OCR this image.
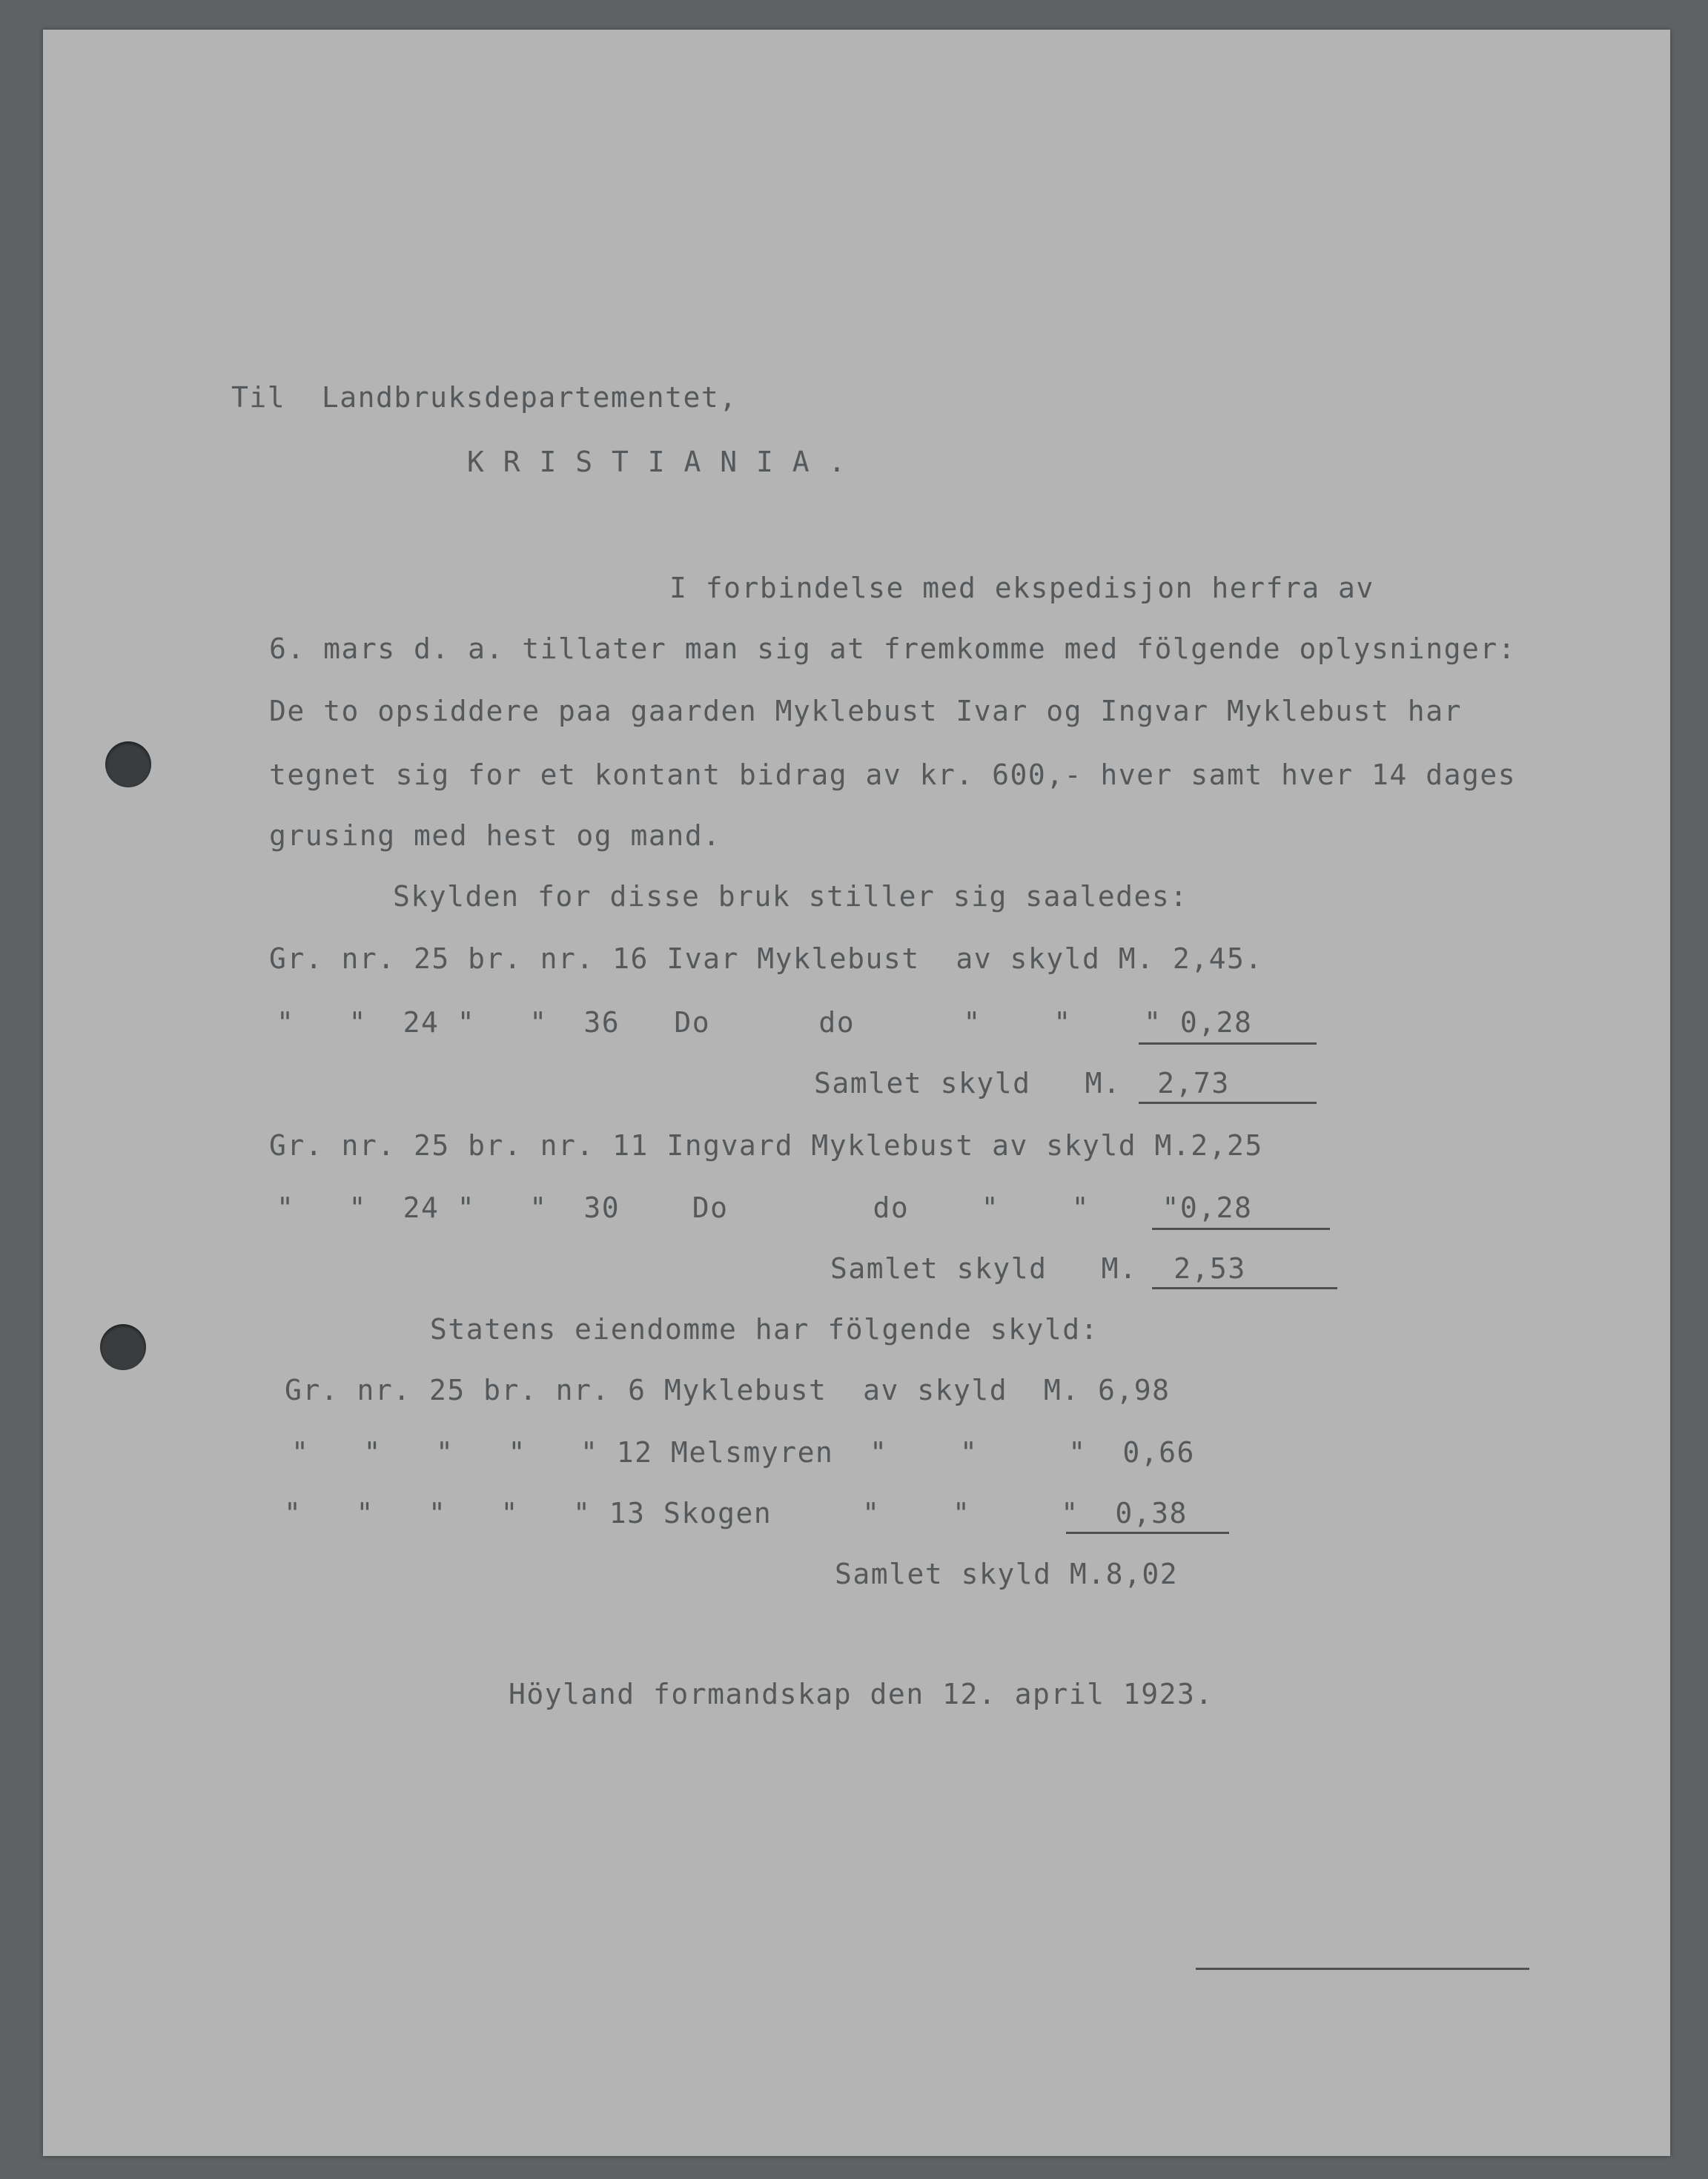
Til  Landbruksdepartementet,
K R I S T I A N I A .
I forbindelse med ekspedisjon herfra av
6. mars d. a. tillater man sig at fremkomme med fölgende oplysninger:
De to opsiddere paa gaarden Myklebust Ivar og Ingvar Myklebust har
tegnet sig for et kontant bidrag av kr. 600,- hver samt hver 14 dages
grusing med hest og mand.
Skylden for disse bruk stiller sig saaledes:
Gr. nr. 25 br. nr. 16 Ivar Myklebust  av skyld M. 2,45.
"   "  24 "   "  36   Do      do      "    "    " 0,28
Samlet skyld   M.  2,73
Gr. nr. 25 br. nr. 11 Ingvard Myklebust av skyld M.2,25
"   "  24 "   "  30    Do        do    "    "    "0,28
Samlet skyld   M.  2,53
Statens eiendomme har fölgende skyld:
Gr. nr. 25 br. nr. 6 Myklebust  av skyld  M. 6,98
"   "   "   "   " 12 Melsmyren  "    "     "  0,66
"   "   "   "   " 13 Skogen     "    "     "  0,38
Samlet skyld M.8,02
Höyland formandskap den 12. april 1923.
